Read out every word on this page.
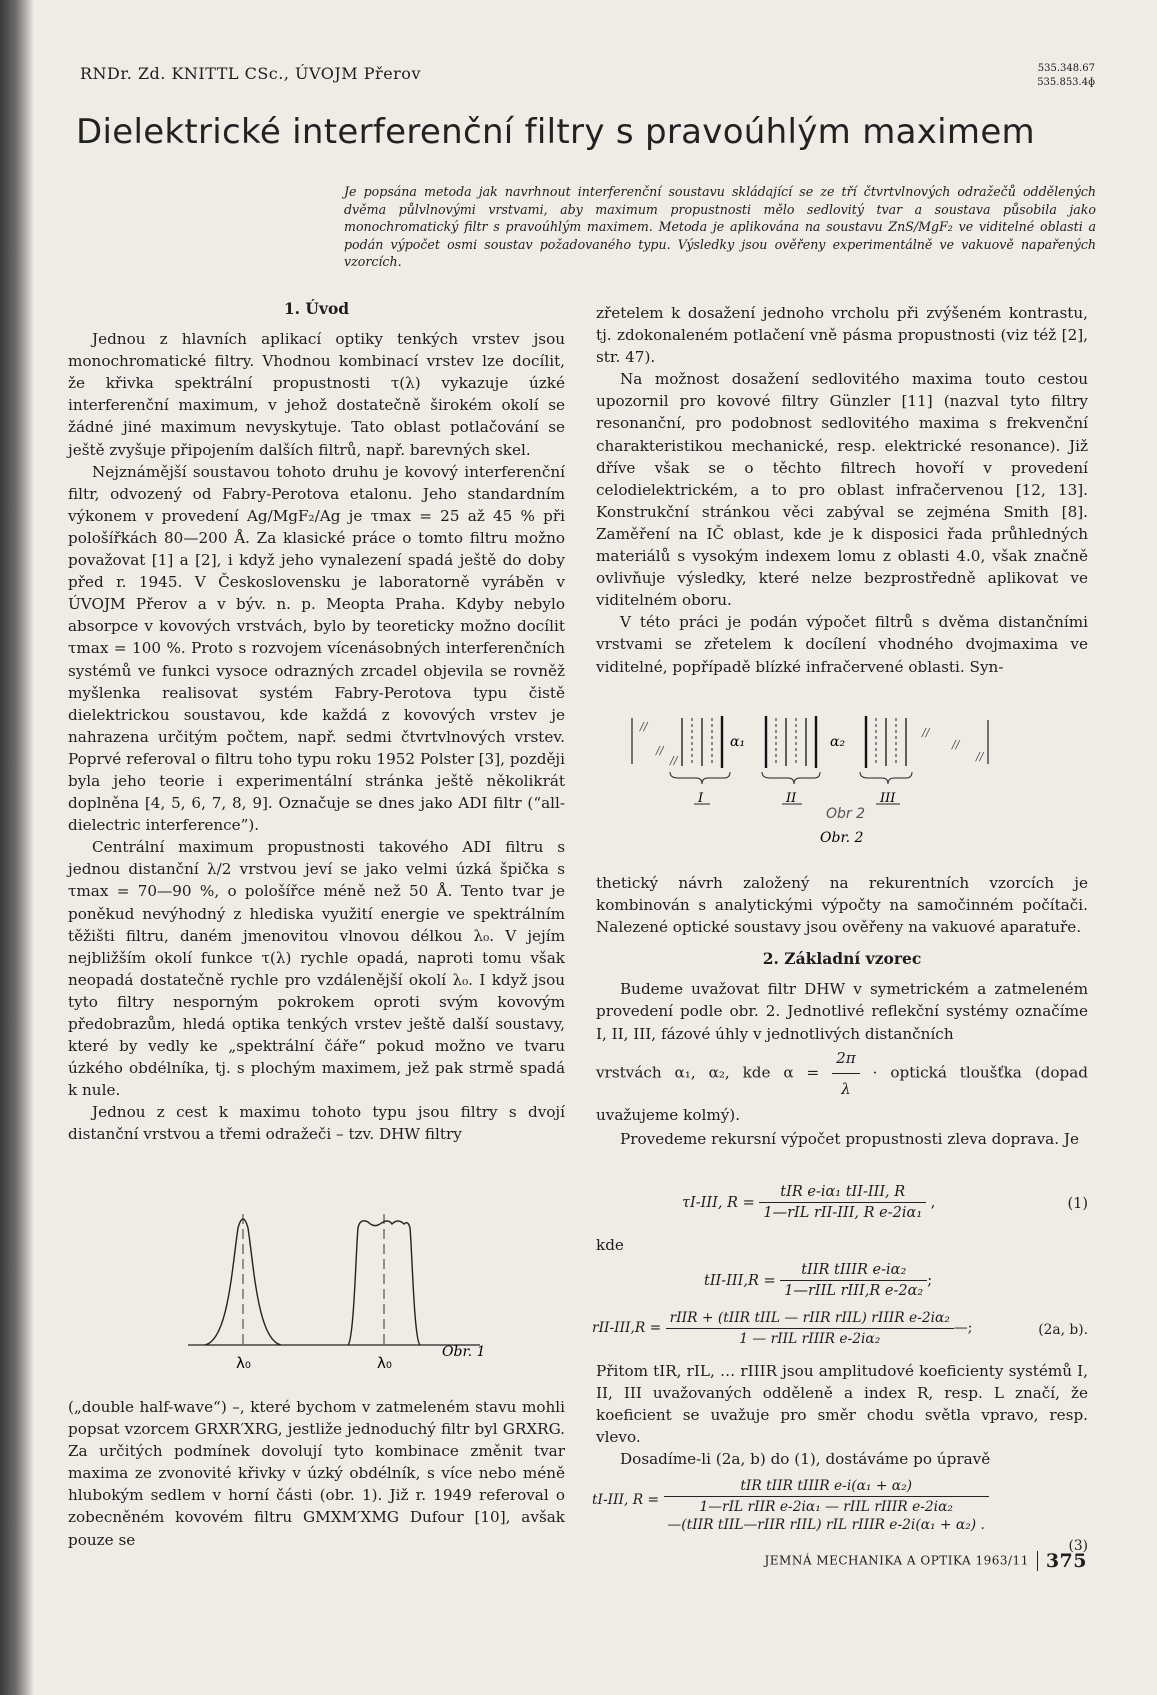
RNDr. Zd. KNITTL CSc., ÚVOJM Přerov	535.348.67
535.853.4ɸ
Dielektrické interferenční filtry s pravoúhlým maximem
Je popsána metoda jak navrhnout interferenční soustavu skládající se ze tří čtvrtvlnových odražečů oddělených dvěma půlvlnovými vrstvami, aby maximum propustnosti mělo sedlovitý tvar a soustava působila jako monochromatický filtr s pravoúhlým maximem. Metoda je aplikována na soustavu ZnS/MgF₂ ve viditelné oblasti a podán výpočet osmi soustav požadovaného typu. Výsledky jsou ověřeny experimentálně ve vakuově napařených vzorcích.

1. Úvod

Jednou z hlavních aplikací optiky tenkých vrstev jsou monochromatické filtry. Vhodnou kombinací vrstev lze docílit, že křivka spektrální propustnosti τ(λ) vykazuje úzké interferenční maximum, v jehož dostatečně širokém okolí se žádné jiné maximum nevyskytuje. Tato oblast potlačování se ještě zvyšuje připojením dalších filtrů, např. barevných skel.

Nejznámější soustavou tohoto druhu je kovový interferenční filtr, odvozený od Fabry-Perotova etalonu. Jeho standardním výkonem v provedení Ag/MgF₂/Ag je τmax = 25 až 45 % při pološířkách 80—200 Å. Za klasické práce o tomto filtru možno považovat [1] a [2], i když jeho vynalezení spadá ještě do doby před r. 1945. V Československu je laboratorně vyráběn v ÚVOJM Přerov a v býv. n. p. Meopta Praha. Kdyby nebylo absorpce v kovových vrstvách, bylo by teoreticky možno docílit τmax = 100 %. Proto s rozvojem vícenásobných interferenčních systémů ve funkci vysoce odrazných zrcadel objevila se rovněž myšlenka realisovat systém Fabry-Perotova typu čistě dielektrickou soustavou, kde každá z kovových vrstev je nahrazena určitým počtem, např. sedmi čtvrtvlnových vrstev. Poprvé referoval o filtru toho typu roku 1952 Polster [3], později byla jeho teorie i experimentální stránka ještě několikrát doplněna [4, 5, 6, 7, 8, 9]. Označuje se dnes jako ADI filtr (“all-dielectric interference”).

Centrální maximum propustnosti takového ADI filtru s jednou distanční λ/2 vrstvou jeví se jako velmi úzká špička s τmax = 70—90 %, o pološířce méně než 50 Å. Tento tvar je poněkud nevýhodný z hlediska využití energie ve spektrálním těžišti filtru, daném jmenovitou vlnovou délkou λ₀. V jejím nejbližším okolí funkce τ(λ) rychle opadá, naproti tomu však neopadá dostatečně rychle pro vzdálenější okolí λ₀. I když jsou tyto filtry nesporným pokrokem oproti svým kovovým předobrazům, hledá optika tenkých vrstev ještě další soustavy, které by vedly ke „spektrální čáře“ pokud možno ve tvaru úzkého obdélníka, tj. s plochým maximem, jež pak strmě spadá k nule.

Jednou z cest k maximu tohoto typu jsou filtry s dvojí distanční vrstvou a třemi odražeči – tzv. DHW filtry

λ₀	λ₀
Obr. 1

(„double half-wave“) –, které bychom v zatmeleném stavu mohli popsat vzorcem GRXR′XRG, jestliže jednoduchý filtr byl GRXRG. Za určitých podmínek dovolují tyto kombinace změnit tvar maxima ze zvonovité křivky v úzký obdélník, s více nebo méně hlubokým sedlem v horní části (obr. 1). Již r. 1949 referoval o zobecněném kovovém filtru GMXM′XMG Dufour [10], avšak pouze se

zřetelem k dosažení jednoho vrcholu při zvýšeném kontrastu, tj. zdokonaleném potlačení vně pásma propustnosti (viz též [2], str. 47).

Na možnost dosažení sedlovitého maxima touto cestou upozornil pro kovové filtry Günzler [11] (nazval tyto filtry resonanční, pro podobnost sedlovitého maxima s frekvenční charakteristikou mechanické, resp. elektrické resonance). Již dříve však se o těchto filtrech hovoří v provedení celodielektrickém, a to pro oblast infračervenou [12, 13]. Konstrukční stránkou věci zabýval se zejména Smith [8]. Zaměření na IČ oblast, kde je k disposici řada průhledných materiálů s vysokým indexem lomu z oblasti 4.0, však značně ovlivňuje výsledky, které nelze bezprostředně aplikovat ve viditelném oboru.

V této práci je podán výpočet filtrů s dvěma distančními vrstvami se zřetelem k docílení vhodného dvojmaxima ve viditelné, popřípadě blízké infračervené oblasti. Syn-

//
//
//
α₁	α₂
//
//
//
I	II	III
Obr 2
Obr. 2

thetický návrh založený na rekurentních vzorcích je kombinován s analytickými výpočty na samočinném počítači. Nalezené optické soustavy jsou ověřeny na vakuové aparatuře.

2. Základní vzorec

Budeme uvažovat filtr DHW v symetrickém a zatmeleném provedení podle obr. 2. Jednotlivé reflekční systémy označíme I, II, III, fázové úhly v jednotlivých distančních

vrstvách α₁, α₂, kde $\alpha = \frac{2\pi}{\lambda}$ · optická tloušťka (dopad uvažujeme kolmý).

Provedeme rekursní výpočet propustnosti zleva doprava. Je

τI-III, $R = \frac{\text{tIR e-iα₁ tII-III, R}}{\text{1—rIL rII-III, R e-2iα₁}}$ ,	(1)
kde
$tII-III,R = \frac{\text{tIIR tIIIR e-iα₂}}{\text{1—rIIL rIII,R e-2α₂}}$ ;
$rII-III,R = \frac{\text{rIIR + (tIIR tIIL — rIIR rIIL) rIIIR e-2iα₂}}{\text{1 — rIIL rIIIR e-2iα₂}}$ —;	(2a, b).

Přitom tIR, rIL, … rIIIR jsou amplitudové koeficienty systémů I, II, III uvažovaných odděleně a index R, resp. L značí, že koeficient se uvažuje pro směr chodu světla vpravo, resp. vlevo.

Dosadíme-li (2a, b) do (1), dostáváme po úpravě

tI-III, R =
tIR tIIR tIIIR e-i(α₁ + α₂)
1—rIL rIIR e-2iα₁ — rIIL rIIIR e-2iα₂
—(tIIR tIIL—rIIR rIIL) rIL rIIIR e-2i(α₁ + α₂) .
(3)
JEMNÁ MECHANIKA A OPTIKA 1963/11 375
